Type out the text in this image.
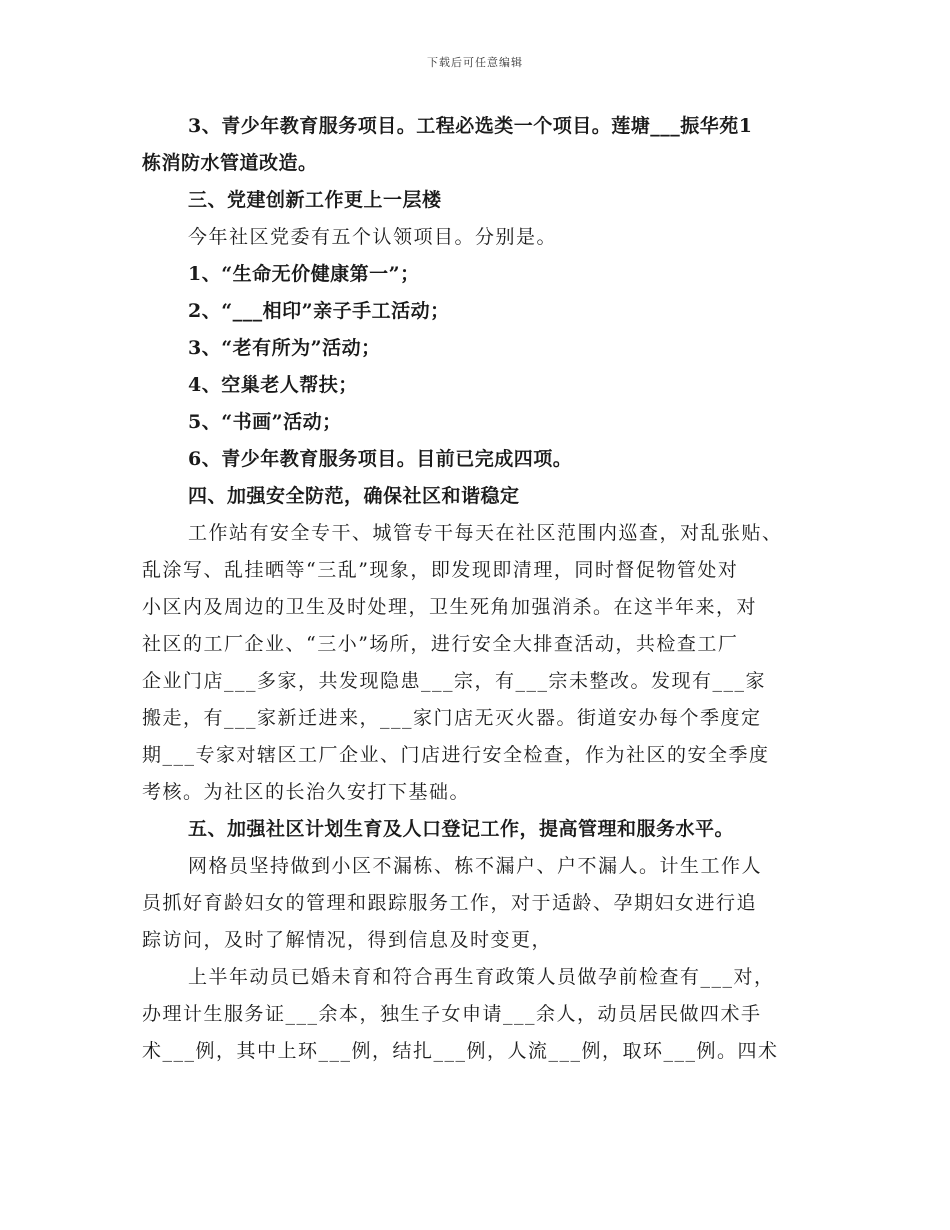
下载后可任意编辑
3、青少年教育服务项目。工程必选类一个项目。莲塘___振华苑1
栋消防水管道改造。
三、党建创新工作更上一层楼
今年社区党委有五个认领项目。分别是。
1、“生命无价健康第一”；
2、“___相印”亲子手工活动；
3、“老有所为”活动；
4、空巢老人帮扶；
5、“书画”活动；
6、青少年教育服务项目。目前已完成四项。
四、加强安全防范，确保社区和谐稳定
工作站有安全专干、城管专干每天在社区范围内巡查，对乱张贴、
乱涂写、乱挂晒等“三乱”现象，即发现即清理，同时督促物管处对
小区内及周边的卫生及时处理，卫生死角加强消杀。在这半年来，对
社区的工厂企业、“三小”场所，进行安全大排查活动，共检查工厂
企业门店___多家，共发现隐患___宗，有___宗未整改。发现有___家
搬走，有___家新迁进来，___家门店无灭火器。街道安办每个季度定
期___专家对辖区工厂企业、门店进行安全检查，作为社区的安全季度
考核。为社区的长治久安打下基础。
五、加强社区计划生育及人口登记工作，提高管理和服务水平。
网格员坚持做到小区不漏栋、栋不漏户、户不漏人。计生工作人
员抓好育龄妇女的管理和跟踪服务工作，对于适龄、孕期妇女进行追
踪访问，及时了解情况，得到信息及时变更，
上半年动员已婚未育和符合再生育政策人员做孕前检查有___对，
办理计生服务证___余本，独生子女申请___余人，动员居民做四术手
术___例，其中上环___例，结扎___例，人流___例，取环___例。四术
